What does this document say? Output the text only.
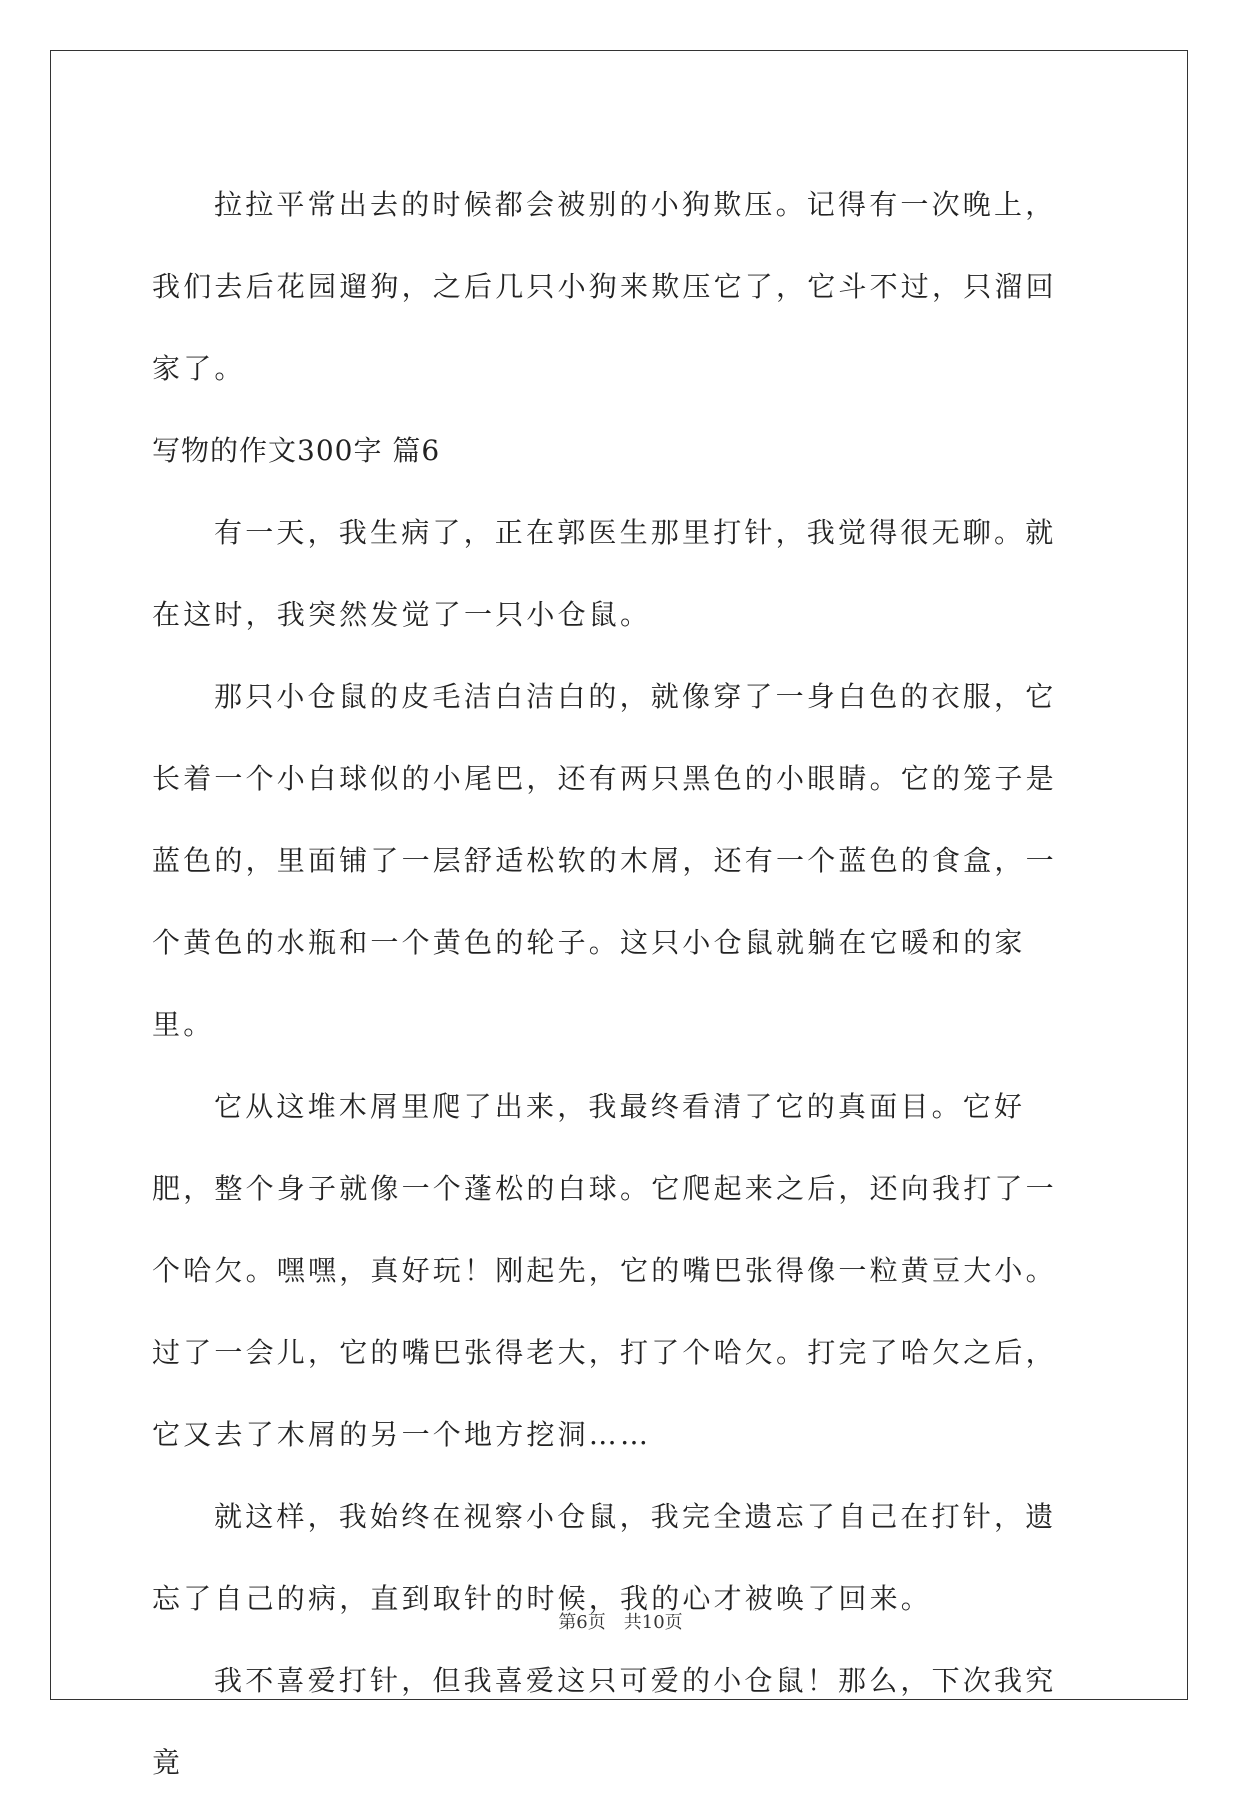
拉拉平常出去的时候都会被别的小狗欺压。记得有一次晚上，我们去后花园遛狗，之后几只小狗来欺压它了，它斗不过，只溜回家了。

写物的作文300字 篇6

有一天，我生病了，正在郭医生那里打针，我觉得很无聊。就在这时，我突然发觉了一只小仓鼠。

那只小仓鼠的皮毛洁白洁白的，就像穿了一身白色的衣服，它长着一个小白球似的小尾巴，还有两只黑色的小眼睛。它的笼子是蓝色的，里面铺了一层舒适松软的木屑，还有一个蓝色的食盒，一个黄色的水瓶和一个黄色的轮子。这只小仓鼠就躺在它暖和的家里。

它从这堆木屑里爬了出来，我最终看清了它的真面目。它好肥，整个身子就像一个蓬松的白球。它爬起来之后，还向我打了一个哈欠。嘿嘿，真好玩！刚起先，它的嘴巴张得像一粒黄豆大小。过了一会儿，它的嘴巴张得老大，打了个哈欠。打完了哈欠之后，它又去了木屑的另一个地方挖洞……

就这样，我始终在视察小仓鼠，我完全遗忘了自己在打针，遗忘了自己的病，直到取针的时候，我的心才被唤了回来。

我不喜爱打针，但我喜爱这只可爱的小仓鼠！那么，下次我究竟

第6页　共10页
